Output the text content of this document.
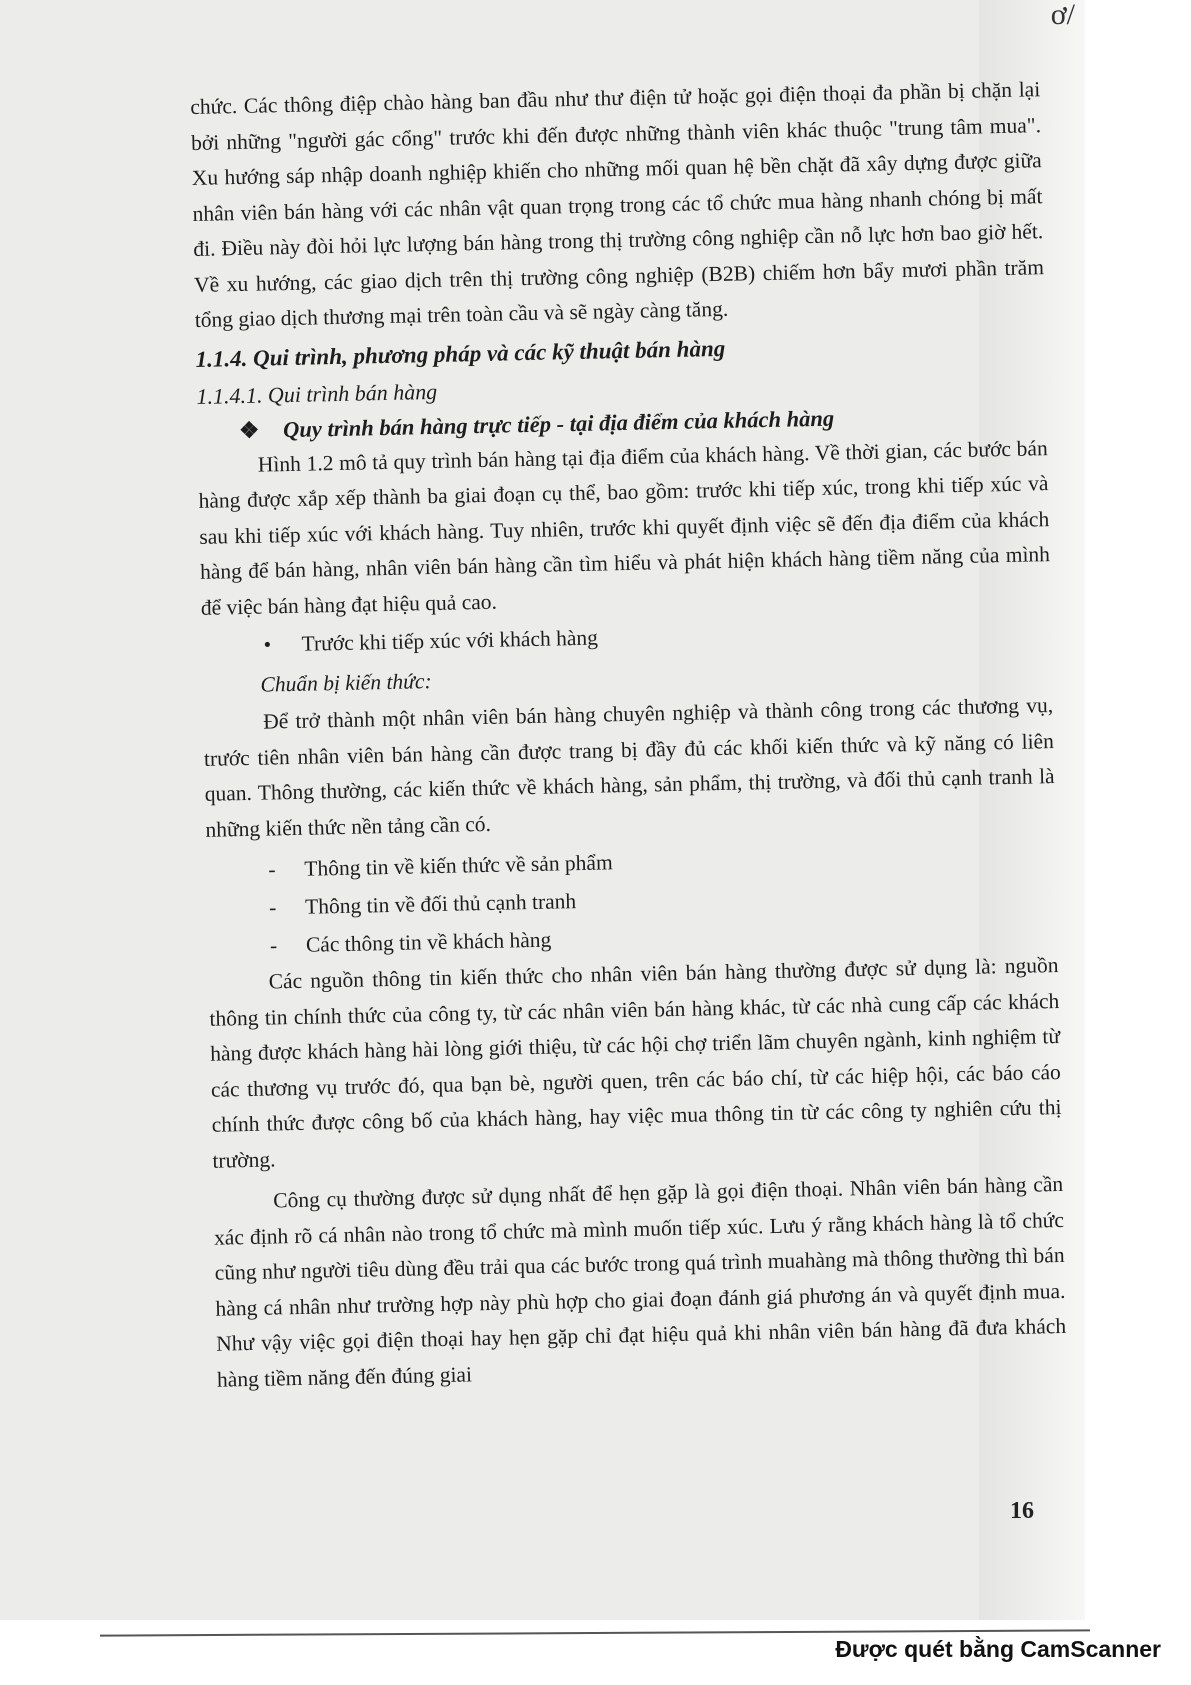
ơ/

chức. Các thông điệp chào hàng ban đầu như thư điện tử hoặc gọi điện thoại đa phần bị chặn lại bởi những "người gác cổng" trước khi đến được những thành viên khác thuộc "trung tâm mua". Xu hướng sáp nhập doanh nghiệp khiến cho những mối quan hệ bền chặt đã xây dựng được giữa nhân viên bán hàng với các nhân vật quan trọng trong các tổ chức mua hàng nhanh chóng bị mất đi. Điều này đòi hỏi lực lượng bán hàng trong thị trường công nghiệp cần nỗ lực hơn bao giờ hết. Về xu hướng, các giao dịch trên thị trường công nghiệp (B2B) chiếm hơn bẩy mươi phần trăm tổng giao dịch thương mại trên toàn cầu và sẽ ngày càng tăng.

1.1.4. Qui trình, phương pháp và các kỹ thuật bán hàng

1.1.4.1. Qui trình bán hàng

❖ Quy trình bán hàng trực tiếp - tại địa điểm của khách hàng

Hình 1.2 mô tả quy trình bán hàng tại địa điểm của khách hàng. Về thời gian, các bước bán hàng được xắp xếp thành ba giai đoạn cụ thể, bao gồm: trước khi tiếp xúc, trong khi tiếp xúc và sau khi tiếp xúc với khách hàng. Tuy nhiên, trước khi quyết định việc sẽ đến địa điểm của khách hàng để bán hàng, nhân viên bán hàng cần tìm hiểu và phát hiện khách hàng tiềm năng của mình để việc bán hàng đạt hiệu quả cao.

• Trước khi tiếp xúc với khách hàng

Chuẩn bị kiến thức:

Để trở thành một nhân viên bán hàng chuyên nghiệp và thành công trong các thương vụ, trước tiên nhân viên bán hàng cần được trang bị đầy đủ các khối kiến thức và kỹ năng có liên quan. Thông thường, các kiến thức về khách hàng, sản phẩm, thị trường, và đối thủ cạnh tranh là những kiến thức nền tảng cần có.

- Thông tin về kiến thức về sản phẩm

- Thông tin về đối thủ cạnh tranh

- Các thông tin về khách hàng

Các nguồn thông tin kiến thức cho nhân viên bán hàng thường được sử dụng là: nguồn thông tin chính thức của công ty, từ các nhân viên bán hàng khác, từ các nhà cung cấp các khách hàng được khách hàng hài lòng giới thiệu, từ các hội chợ triển lãm chuyên ngành, kinh nghiệm từ các thương vụ trước đó, qua bạn bè, người quen, trên các báo chí, từ các hiệp hội, các báo cáo chính thức được công bố của khách hàng, hay việc mua thông tin từ các công ty nghiên cứu thị trường.

Công cụ thường được sử dụng nhất để hẹn gặp là gọi điện thoại. Nhân viên bán hàng cần xác định rõ cá nhân nào trong tổ chức mà mình muốn tiếp xúc. Lưu ý rằng khách hàng là tổ chức cũng như người tiêu dùng đều trải qua các bước trong quá trình muahàng mà thông thường thì bán hàng cá nhân như trường hợp này phù hợp cho giai đoạn đánh giá phương án và quyết định mua. Như vậy việc gọi điện thoại hay hẹn gặp chỉ đạt hiệu quả khi nhân viên bán hàng đã đưa khách hàng tiềm năng đến đúng giai

16
Được quét bằng CamScanner
